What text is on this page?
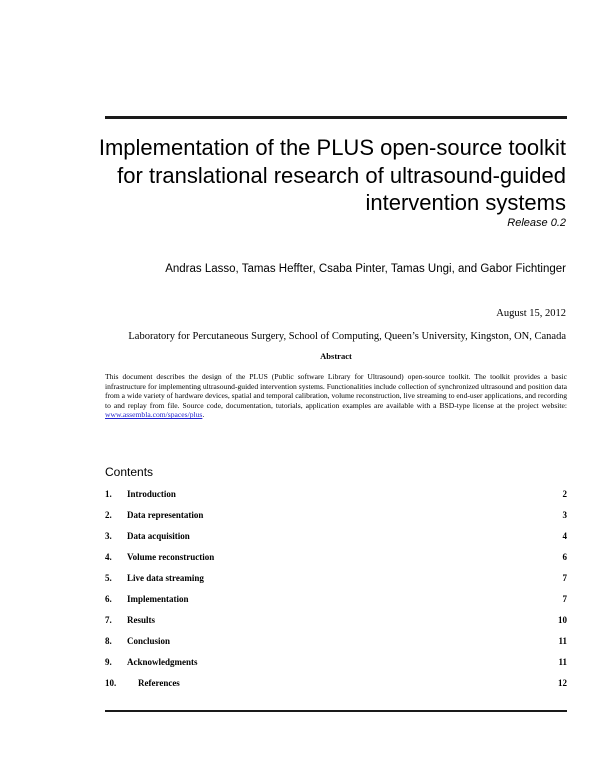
Implementation of the PLUS open-source toolkit for translational research of ultrasound-guided intervention systems
Release 0.2
Andras Lasso, Tamas Heffter, Csaba Pinter, Tamas Ungi, and Gabor Fichtinger
August 15, 2012
Laboratory for Percutaneous Surgery, School of Computing, Queen’s University, Kingston, ON, Canada
Abstract

This document describes the design of the PLUS (Public software Library for Ultrasound) open-source toolkit. The toolkit provides a basic infrastructure for implementing ultrasound-guided intervention systems. Functionalities include collection of synchronized ultrasound and position data from a wide variety of hardware devices, spatial and temporal calibration, volume reconstruction, live streaming to end-user applications, and recording to and replay from file. Source code, documentation, tutorials, application examples are available with a BSD-type license at the project website: www.assembla.com/spaces/plus.

Contents
1.	Introduction	2
2.	Data representation	3
3.	Data acquisition	4
4.	Volume reconstruction	6
5.	Live data streaming	7
6.	Implementation	7
7.	Results	10
8.	Conclusion	11
9.	Acknowledgments	11
10.	References	12
